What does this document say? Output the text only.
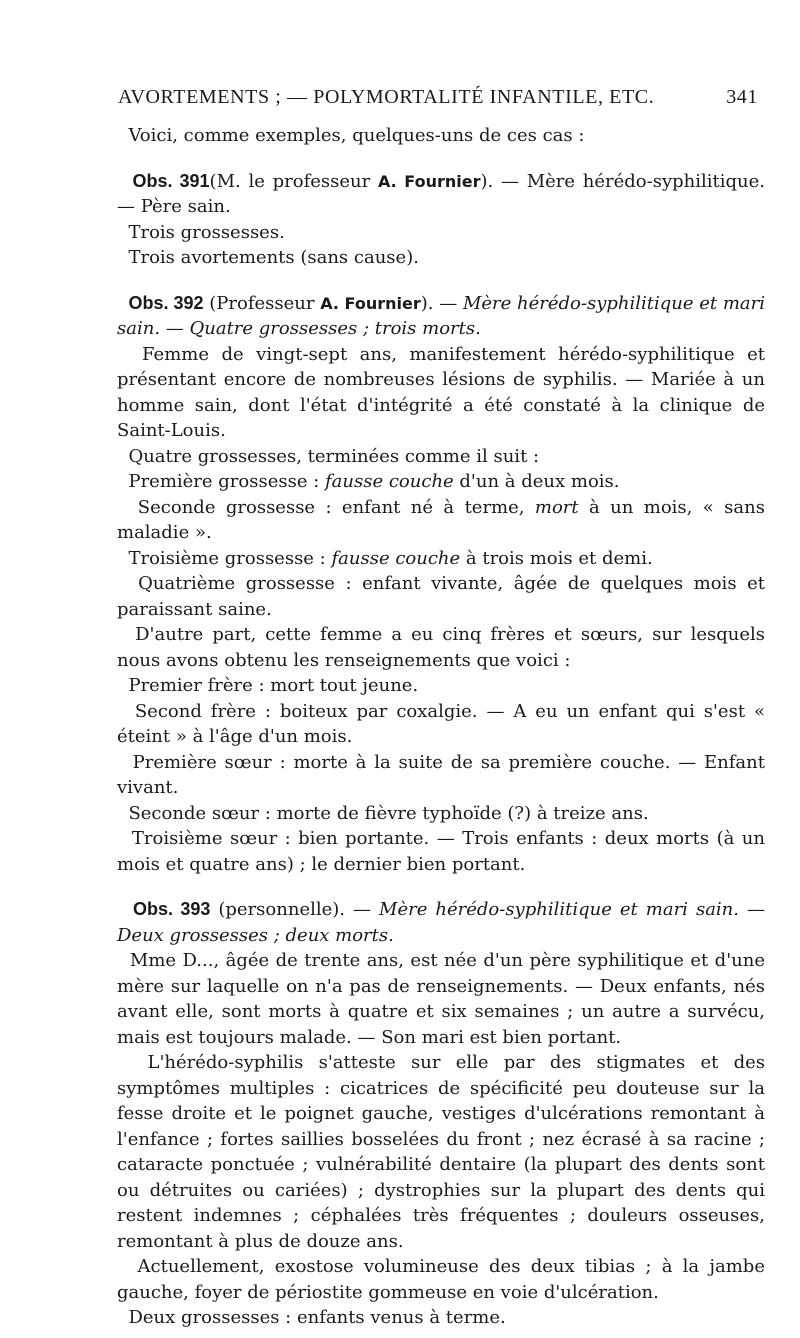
AVORTEMENTS ; — POLYMORTALITÉ INFANTILE, ETC.	341

Voici, comme exemples, quelques-uns de ces cas :

Obs. 391(M. le professeur A. Fournier). — Mère hérédo-syphilitique. — Père sain.

Trois grossesses.

Trois avortements (sans cause).

Obs. 392 (Professeur A. Fournier). — Mère hérédo-syphilitique et mari sain. — Quatre grossesses ; trois morts.

Femme de vingt-sept ans, manifestement hérédo-syphilitique et présentant encore de nombreuses lésions de syphilis. — Mariée à un homme sain, dont l'état d'intégrité a été constaté à la clinique de Saint-Louis.

Quatre grossesses, terminées comme il suit :

Première grossesse : fausse couche d'un à deux mois.

Seconde grossesse : enfant né à terme, mort à un mois, « sans maladie ».

Troisième grossesse : fausse couche à trois mois et demi.

Quatrième grossesse : enfant vivante, âgée de quelques mois et paraissant saine.

D'autre part, cette femme a eu cinq frères et sœurs, sur lesquels nous avons obtenu les renseignements que voici :

Premier frère : mort tout jeune.

Second frère : boiteux par coxalgie. — A eu un enfant qui s'est « éteint » à l'âge d'un mois.

Première sœur : morte à la suite de sa première couche. — Enfant vivant.

Seconde sœur : morte de fièvre typhoïde (?) à treize ans.

Troisième sœur : bien portante. — Trois enfants : deux morts (à un mois et quatre ans) ; le dernier bien portant.

Obs. 393 (personnelle). — Mère hérédo-syphilitique et mari sain. — Deux grossesses ; deux morts.

Mme D..., âgée de trente ans, est née d'un père syphilitique et d'une mère sur laquelle on n'a pas de renseignements. — Deux enfants, nés avant elle, sont morts à quatre et six semaines ; un autre a survécu, mais est toujours malade. — Son mari est bien portant.

L'hérédo-syphilis s'atteste sur elle par des stigmates et des symptômes multiples : cicatrices de spécificité peu douteuse sur la fesse droite et le poignet gauche, vestiges d'ulcérations remontant à l'enfance ; fortes saillies bosselées du front ; nez écrasé à sa racine ; cataracte ponctuée ; vulnérabilité dentaire (la plupart des dents sont ou détruites ou cariées) ; dystrophies sur la plupart des dents qui restent indemnes ; céphalées très fréquentes ; douleurs osseuses, remontant à plus de douze ans.

Actuellement, exostose volumineuse des deux tibias ; à la jambe gauche, foyer de périostite gommeuse en voie d'ulcération.

Deux grossesses : enfants venus à terme.
